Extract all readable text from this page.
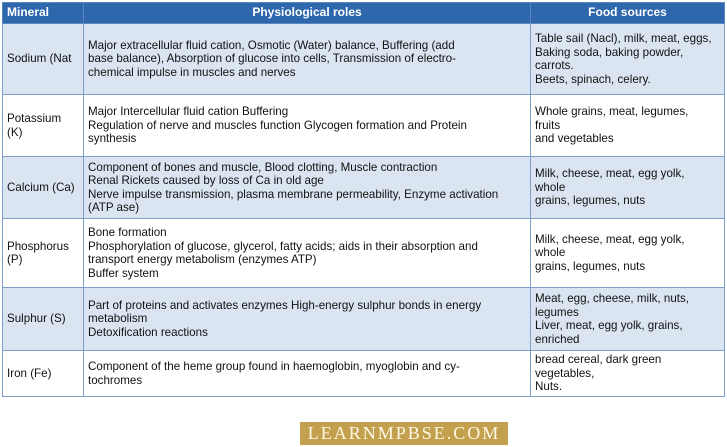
Mineral	Physiological roles	Food sources

Sodium (Nat	Major extracellular fluid cation, Osmotic (Water) balance, Buffering (add
base balance), Absorption of glucose into cells, Transmission of electro-
chemical impulse in muscles and nerves	Table sail (Nacl), milk, meat, eggs,
Baking soda, baking powder,
carrots.
Beets, spinach, celery.

Potassium
(K)	Major Intercellular fluid cation Buffering
Regulation of nerve and muscles function Glycogen formation and Protein
synthesis	Whole grains, meat, legumes,
fruits
and vegetables

Calcium (Ca)	Component of bones and muscle, Blood clotting, Muscle contraction
Renal Rickets caused by loss of Ca in old age
Nerve impulse transmission, plasma membrane permeability, Enzyme activation
(ATP ase)	Milk, cheese, meat, egg yolk,
whole
grains, legumes, nuts

Phosphorus
(P)	Bone formation
Phosphorylation of glucose, glycerol, fatty acids; aids in their absorption and
transport energy metabolism (enzymes ATP)
Buffer system	Milk, cheese, meat, egg yolk,
whole
grains, legumes, nuts

Sulphur (S)	Part of proteins and activates enzymes High-energy sulphur bonds in energy
metabolism
Detoxification reactions	Meat, egg, cheese, milk, nuts,
legumes
Liver, meat, egg yolk, grains,
enriched

Iron (Fe)	Component of the heme group found in haemoglobin, myoglobin and cy-
tochromes	bread cereal, dark green
vegetables,
Nuts.
LEARNMPBSE.COM
